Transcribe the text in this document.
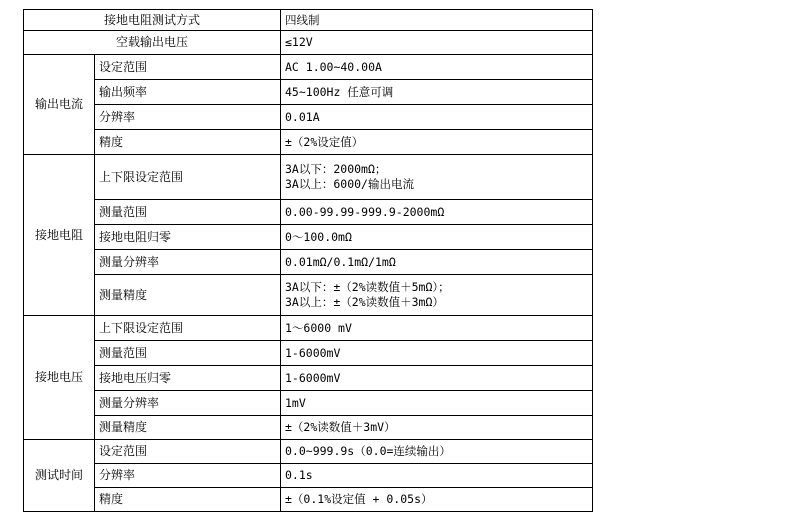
接地电阻测试方式		四线制
空载输出电压		≤12V
输出电流	设定范围	AC 1.00~40.00A
	输出频率	45~100Hz 任意可调
	分辨率	0.01A
	精度	±（2%设定值）
接地电阻	上下限设定范围	3A以下：2000mΩ；
3A以上：6000/输出电流

	测量范围	0.00-99.99-999.9-2000mΩ
	接地电阻归零	0～100.0mΩ
	测量分辨率	0.01mΩ/0.1mΩ/1mΩ
	测量精度	3A以下：±（2%读数值＋5mΩ）；
3A以上：±（2%读数值＋3mΩ）

接地电压	上下限设定范围	1～6000 mV
	测量范围	1-6000mV
	接地电压归零	1-6000mV
	测量分辨率	1mV
	测量精度	±（2%读数值＋3mV）
测试时间	设定范围	0.0~999.9s（0.0=连续输出）
	分辨率	0.1s
	精度	±（0.1%设定值 + 0.05s）
